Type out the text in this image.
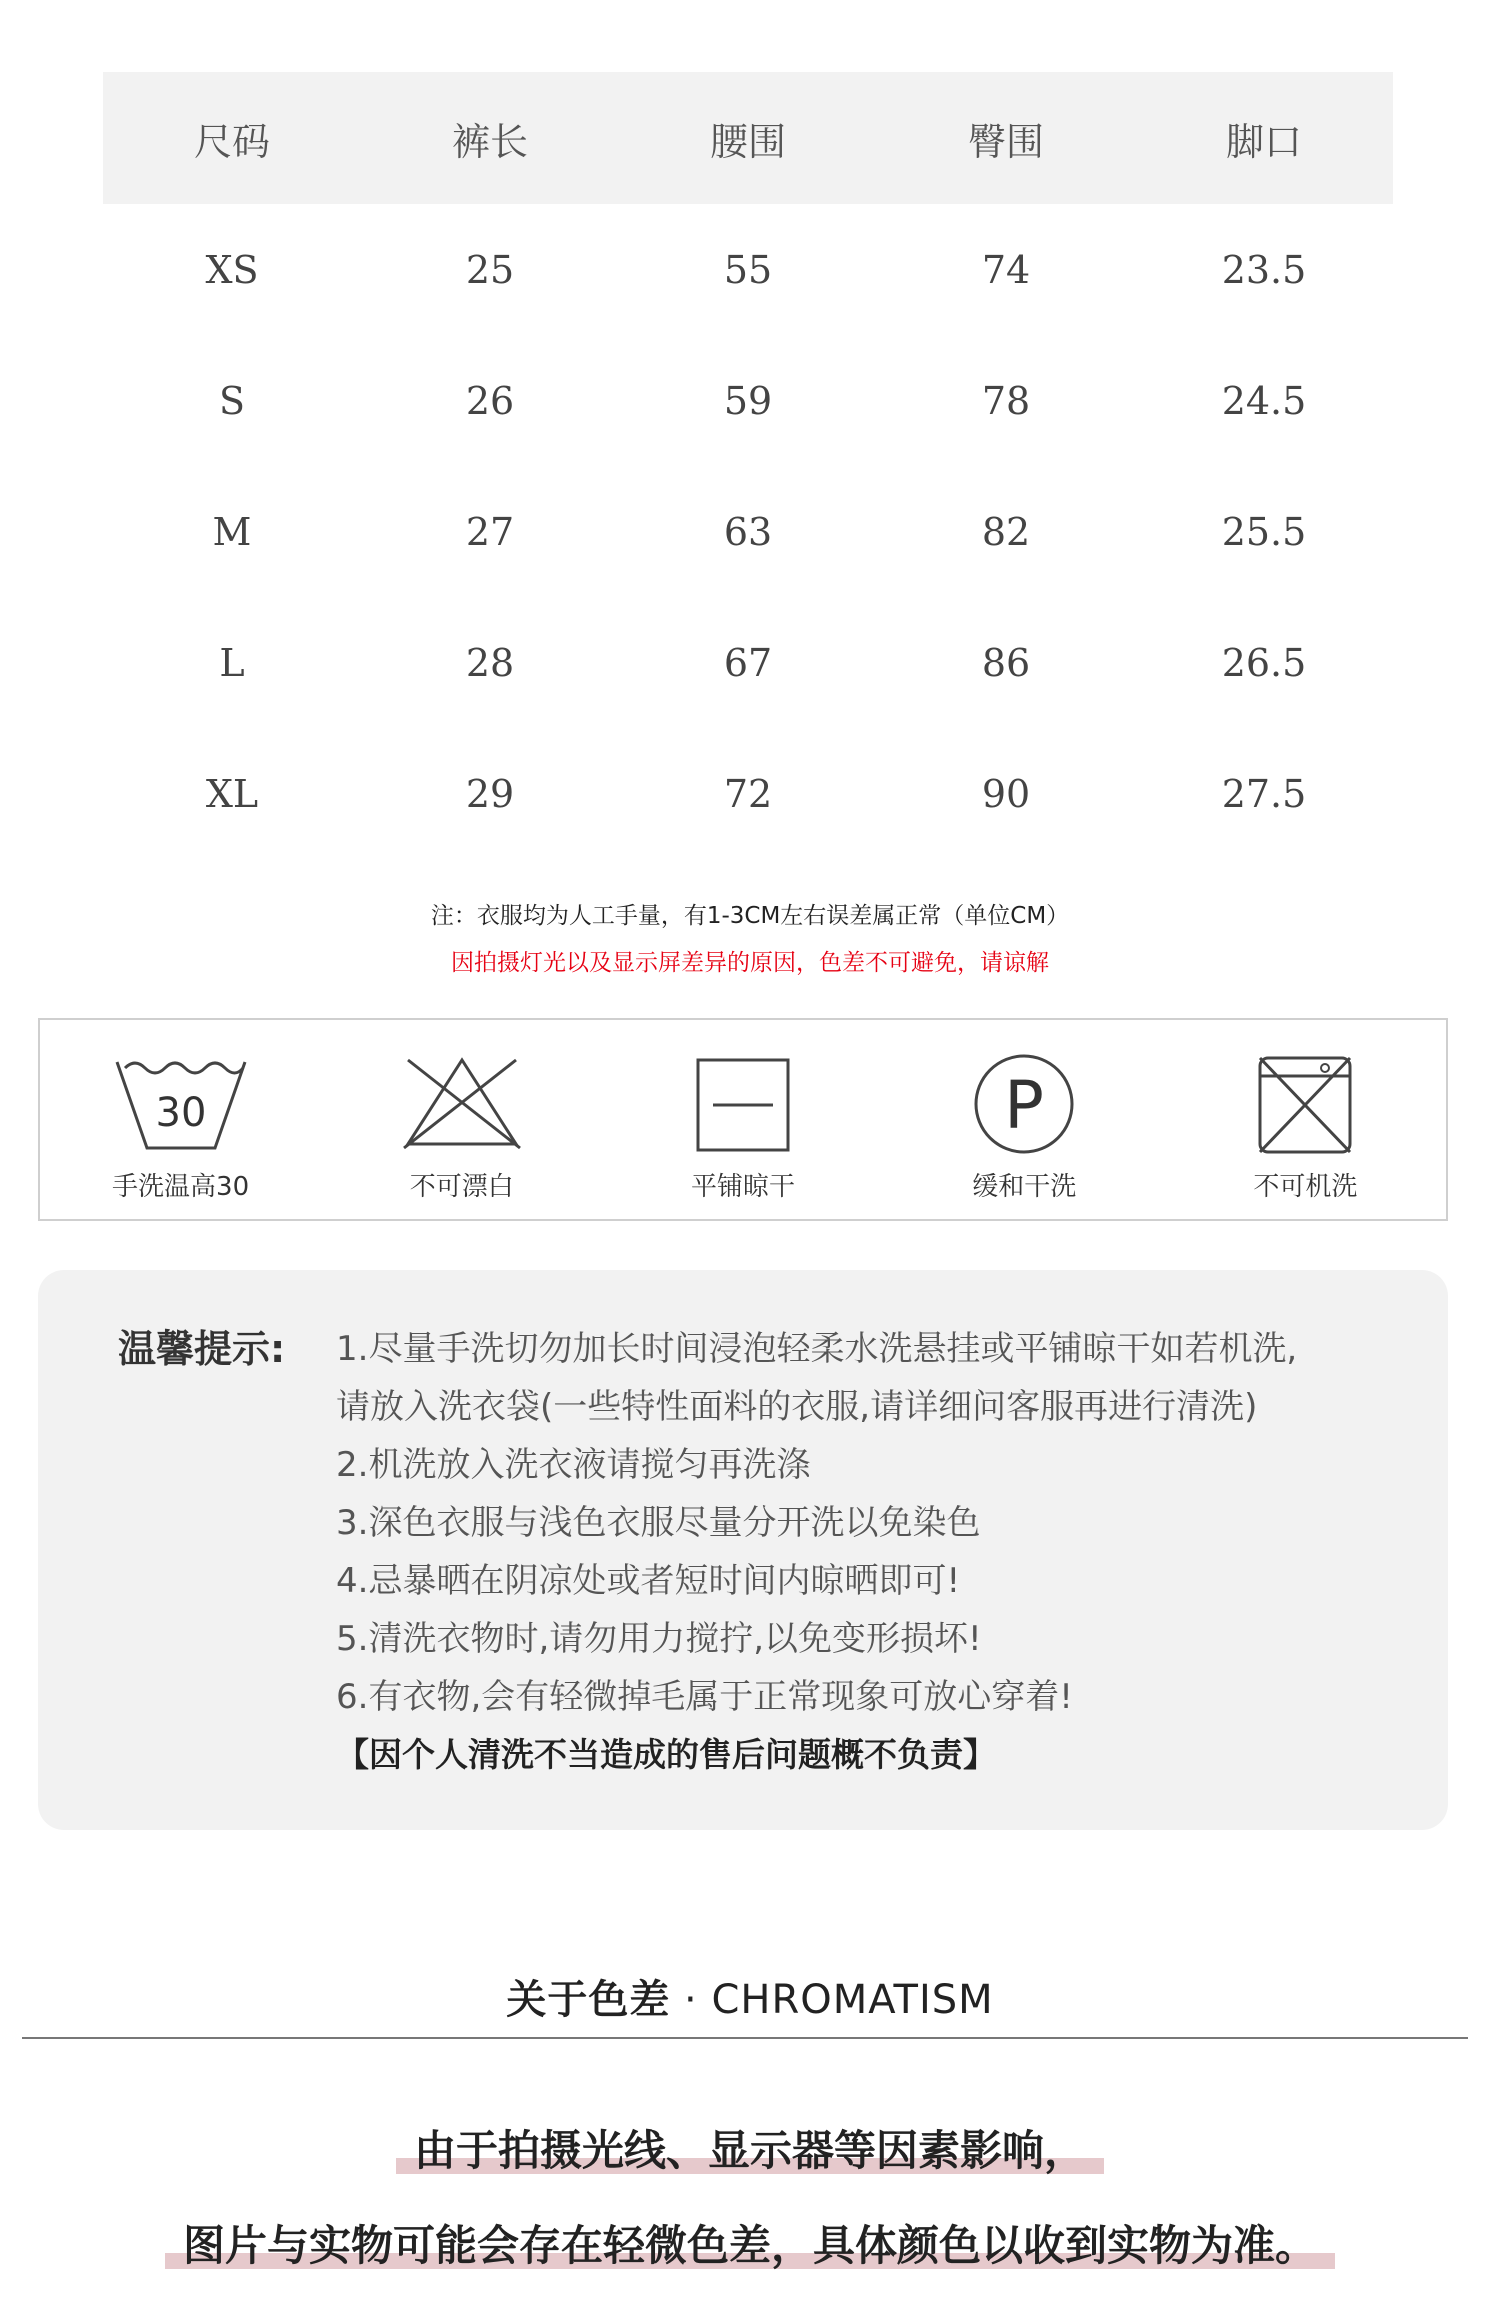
尺码	裤长	腰围	臀围	脚口
XS	25	55	74	23.5
S	26	59	78	24.5
M	27	63	82	25.5
L	28	67	86	26.5
XL	29	72	90	27.5
注：衣服均为人工手量，有1-3CM左右误差属正常（单位CM）
因拍摄灯光以及显示屏差异的原因，色差不可避免，请谅解
30
手洗温高30	不可漂白	平铺晾干
P
缓和干洗	不可机洗
温馨提示: 1.尽量手洗切勿加长时间浸泡轻柔水洗悬挂或平铺晾干如若机洗,
请放入洗衣袋(一些特性面料的衣服,请详细问客服再进行清洗)
2.机洗放入洗衣液请搅匀再洗涤
3.深色衣服与浅色衣服尽量分开洗以免染色
4.忌暴晒在阴凉处或者短时间内晾晒即可!
5.清洗衣物时,请勿用力搅拧,以免变形损坏!
6.有衣物,会有轻微掉毛属于正常现象可放心穿着!
【因个人清洗不当造成的售后问题概不负责】
关于色差 · CHROMATISM
由于拍摄光线、显示器等因素影响，
图片与实物可能会存在轻微色差，具体颜色以收到实物为准。
